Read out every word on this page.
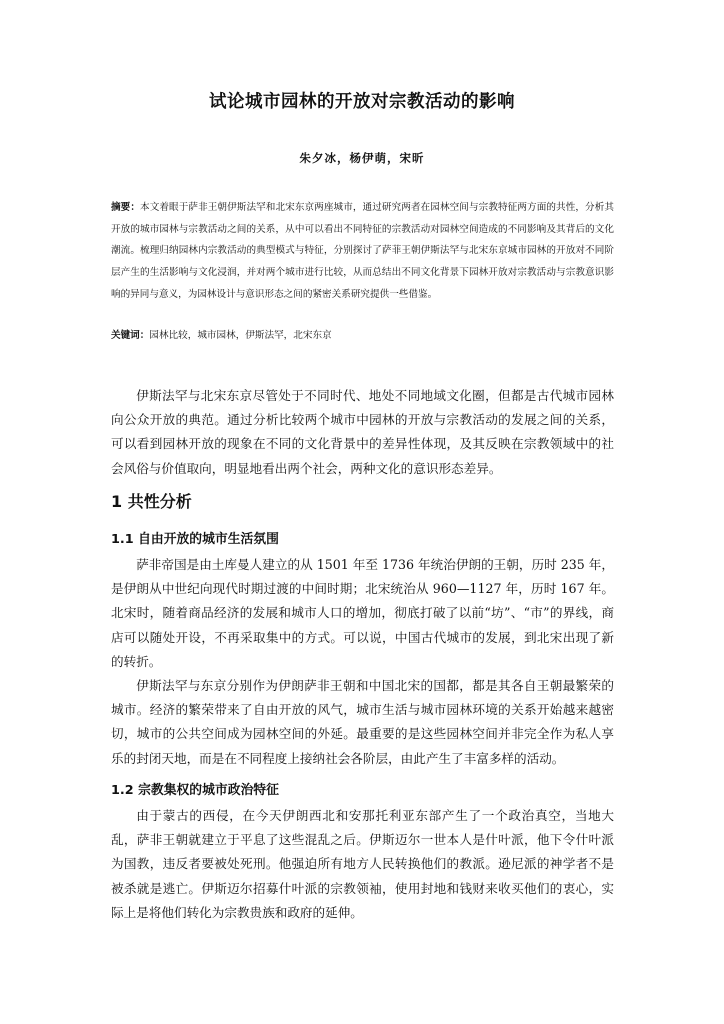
试论城市园林的开放对宗教活动的影响
朱夕冰，杨伊萌，宋昕
摘要：本文着眼于萨非王朝伊斯法罕和北宋东京两座城市，通过研究两者在园林空间与宗教特征两方面的共性，分析其开放的城市园林与宗教活动之间的关系，从中可以看出不同特征的宗教活动对园林空间造成的不同影响及其背后的文化潮流。梳理归纳园林内宗教活动的典型模式与特征，分别探讨了萨菲王朝伊斯法罕与北宋东京城市园林的开放对不同阶层产生的生活影响与文化浸润，并对两个城市进行比较，从而总结出不同文化背景下园林开放对宗教活动与宗教意识影响的异同与意义，为园林设计与意识形态之间的紧密关系研究提供一些借鉴。
关键词：园林比较，城市园林，伊斯法罕，北宋东京

伊斯法罕与北宋东京尽管处于不同时代、地处不同地域文化圈，但都是古代城市园林向公众开放的典范。通过分析比较两个城市中园林的开放与宗教活动的发展之间的关系，可以看到园林开放的现象在不同的文化背景中的差异性体现，及其反映在宗教领域中的社会风俗与价值取向，明显地看出两个社会，两种文化的意识形态差异。

1 共性分析
1.1 自由开放的城市生活氛围

萨非帝国是由土库曼人建立的从 1501 年至 1736 年统治伊朗的王朝，历时 235 年，是伊朗从中世纪向现代时期过渡的中间时期；北宋统治从 960—1127 年，历时 167 年。北宋时，随着商品经济的发展和城市人口的增加，彻底打破了以前“坊”、“市”的界线，商店可以随处开设，不再采取集中的方式。可以说，中国古代城市的发展，到北宋出现了新的转折。

伊斯法罕与东京分别作为伊朗萨非王朝和中国北宋的国都，都是其各自王朝最繁荣的城市。经济的繁荣带来了自由开放的风气，城市生活与城市园林环境的关系开始越来越密切，城市的公共空间成为园林空间的外延。最重要的是这些园林空间并非完全作为私人享乐的封闭天地，而是在不同程度上接纳社会各阶层，由此产生了丰富多样的活动。

1.2 宗教集权的城市政治特征

由于蒙古的西侵，在今天伊朗西北和安那托利亚东部产生了一个政治真空，当地大乱，萨非王朝就建立于平息了这些混乱之后。伊斯迈尔一世本人是什叶派，他下令什叶派为国教，违反者要被处死刑。他强迫所有地方人民转换他们的教派。逊尼派的神学者不是被杀就是逃亡。伊斯迈尔招募什叶派的宗教领袖，使用封地和钱财来收买他们的衷心，实际上是将他们转化为宗教贵族和政府的延伸。
